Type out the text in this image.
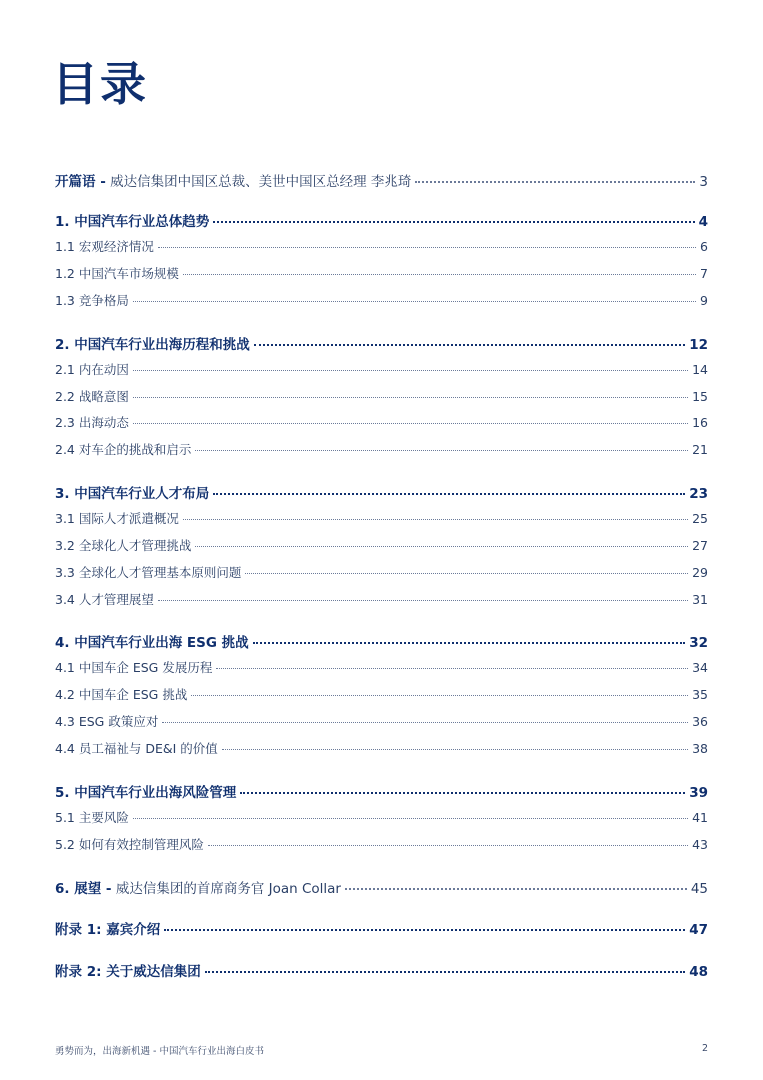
目录
开篇语 - 威达信集团中国区总裁、美世中国区总经理 李兆琦	3
1. 中国汽车行业总体趋势	4
1.1 宏观经济情况	6
1.2 中国汽车市场规模	7
1.3 竞争格局	9
2. 中国汽车行业出海历程和挑战	12
2.1 内在动因	14
2.2 战略意图	15
2.3 出海动态	16
2.4 对车企的挑战和启示	21
3. 中国汽车行业人才布局	23
3.1 国际人才派遣概况	25
3.2 全球化人才管理挑战	27
3.3 全球化人才管理基本原则问题	29
3.4 人才管理展望	31
4. 中国汽车行业出海 ESG 挑战	32
4.1 中国车企 ESG 发展历程	34
4.2 中国车企 ESG 挑战	35
4.3 ESG 政策应对	36
4.4 员工福祉与 DE&I 的价值	38
5. 中国汽车行业出海风险管理	39
5.1 主要风险	41
5.2 如何有效控制管理风险	43
6. 展望 - 威达信集团的首席商务官 Joan Collar	45
附录 1: 嘉宾介绍	47
附录 2: 关于威达信集团	48
勇势而为，出海新机遇 - 中国汽车行业出海白皮书	2
